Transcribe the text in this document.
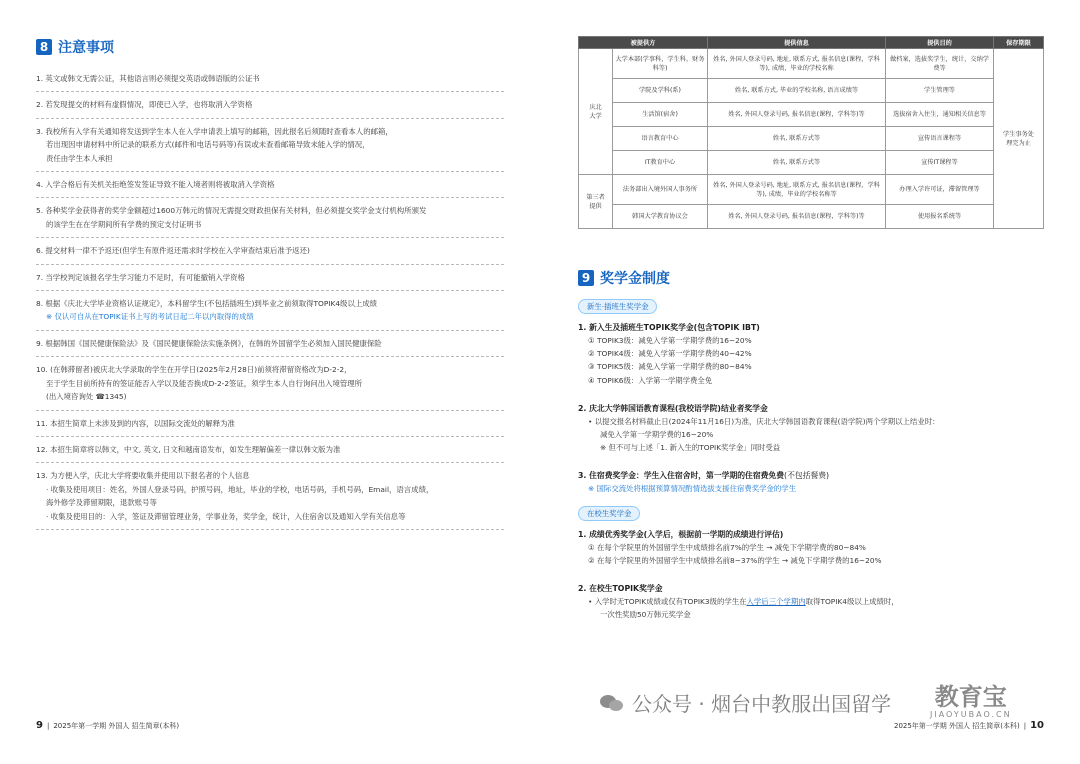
8 注意事项
1. 英文或韩文无需公证，其他语言则必须提交英语或韩语版的公证书
2. 若发现提交的材料有虚假情况，即使已入学，也将取消入学资格
3. 我校所有入学有关通知将发送到学生本人在入学申请表上填写的邮箱，因此报名后须随时查看本人的邮箱，
若出现因申请材料中所记录的联系方式(邮件和电话号码等)有误或未查看邮箱导致未能入学的情况，
责任由学生本人承担
4. 入学合格后有关机关拒绝签发签证导致不能入境者则将被取消入学资格
5. 各种奖学金获得者的奖学金额超过1600万韩元的情况无需提交财政担保有关材料，但必须提交奖学金支付机构所颁发
的该学生在在学期间所有学费的预定支付证明书
6. 提交材料一律不予返还(但学生有原件返还需求时学校在入学审查结束后准予返还)
7. 当学校判定该报名学生学习能力不足时，有可能撤销入学资格
8. 根据《庆北大学毕业资格认证规定》，本科留学生(不包括插班生)到毕业之前须取得TOPIK4级以上成绩
※ 仅认可自从在TOPIK证书上写的考试日起二年以内取得的成绩
9. 根据韩国《国民健康保险法》及《国民健康保险法实施条例》，在韩的外国留学生必须加入国民健康保险
10. (在韩滞留者)被庆北大学录取的学生在开学日(2025年2月28日)前须将滞留资格改为D-2-2，
至于学生目前所持有的签证能否入学以及能否换成D-2-2签证，须学生本人自行询问出入境管理所
(出入境咨询处 ☎1345)
11. 本招生简章上未涉及到的内容，以国际交流处的解释为准
12. 本招生简章将以韩文，中文, 英文, 日文和越南语发布，如发生理解偏差一律以韩文版为准
13. 为方便入学，庆北大学将要收集并使用以下报名者的个人信息
· 收集及使用项目：姓名，外国人登录号码，护照号码，地址，毕业的学校，电话号码，手机号码，Email，语言成绩，
海外修学及滞留期限，退款账号等
· 收集及使用目的：入学，签证及滞留管理业务，学事业务，奖学金，统计，入住宿舍以及通知入学有关信息等
9 | 2025年第一学期 外国人 招生简章(本科)
被提供方		提供信息	提供目的	保存期限
庆北
大学	大学本部(学事科，学生科，财务科等)	姓名, 外国人登录号码, 地址, 联系方式, 报名信息(课程，学科等), 成绩，毕业的学校名称	做档案，选拔奖学生，统计，交纳学费等	学生事务处
理完为止
	学院及学科(系)	姓名, 联系方式, 毕业的学校名称, 语言成绩等	学生管理等	
	生活馆(宿舍)	姓名, 外国人登录号码, 报名信息(课程，学科等)等	选拔宿舍入住生，通知相关信息等	
	语言教育中心	姓名, 联系方式等	宣传语言课程等	
	IT教育中心	姓名, 联系方式等	宣传IT课程等	
第三者
提供	法务部出入境外国人事务所	姓名, 外国人登录号码, 地址, 联系方式, 报名信息(课程，学科等), 成绩，毕业的学校名称等	办理入学许可证，滞留管理等	
	韩国大学教育协议会	姓名, 外国人登录号码, 报名信息(课程，学科等)等	使用报名系统等	
9 奖学金制度
新生·插班生奖学金
1. 新入生及插班生TOPIK奖学金(包含TOPIK IBT)
① TOPIK3级：减免入学第一学期学费的16~20%
② TOPIK4级：减免入学第一学期学费的40~42%
③ TOPIK5级：减免入学第一学期学费的80~84%
④ TOPIK6级：入学第一学期学费全免
2. 庆北大学韩国语教育课程(我校语学院)结业者奖学金
• 以提交报名材料截止日(2024年11月16日)为准，庆北大学韩国语教育课程(语学院)两个学期以上结业时：
减免入学第一学期学费的16~20%
※ 但不可与上述「1. 新入生的TOPIK奖学金」同时受益
3. 住宿费奖学金：学生入住宿舍时，第一学期的住宿费免费(不包括餐费)
※ 国际交流处将根据预算情况酌情选拔支援住宿费奖学金的学生
在校生奖学金
1. 成绩优秀奖学金(入学后，根据前一学期的成绩进行评估)
① 在每个学院里的外国留学生中成绩排名前7%的学生 → 减免下学期学费的80~84%
② 在每个学院里的外国留学生中成绩排名前8~37%的学生 → 减免下学期学费的16~20%
2. 在校生TOPIK奖学金
• 入学时无TOPIK成绩或仅有TOPIK3级的学生在入学后三个学期内取得TOPIK4级以上成绩时，
一次性奖励50万韩元奖学金
2025年第一学期 外国人 招生简章(本科) | 10
公众号 · 烟台中教服出国留学 教育宝
JIAOYUBAO.CN
